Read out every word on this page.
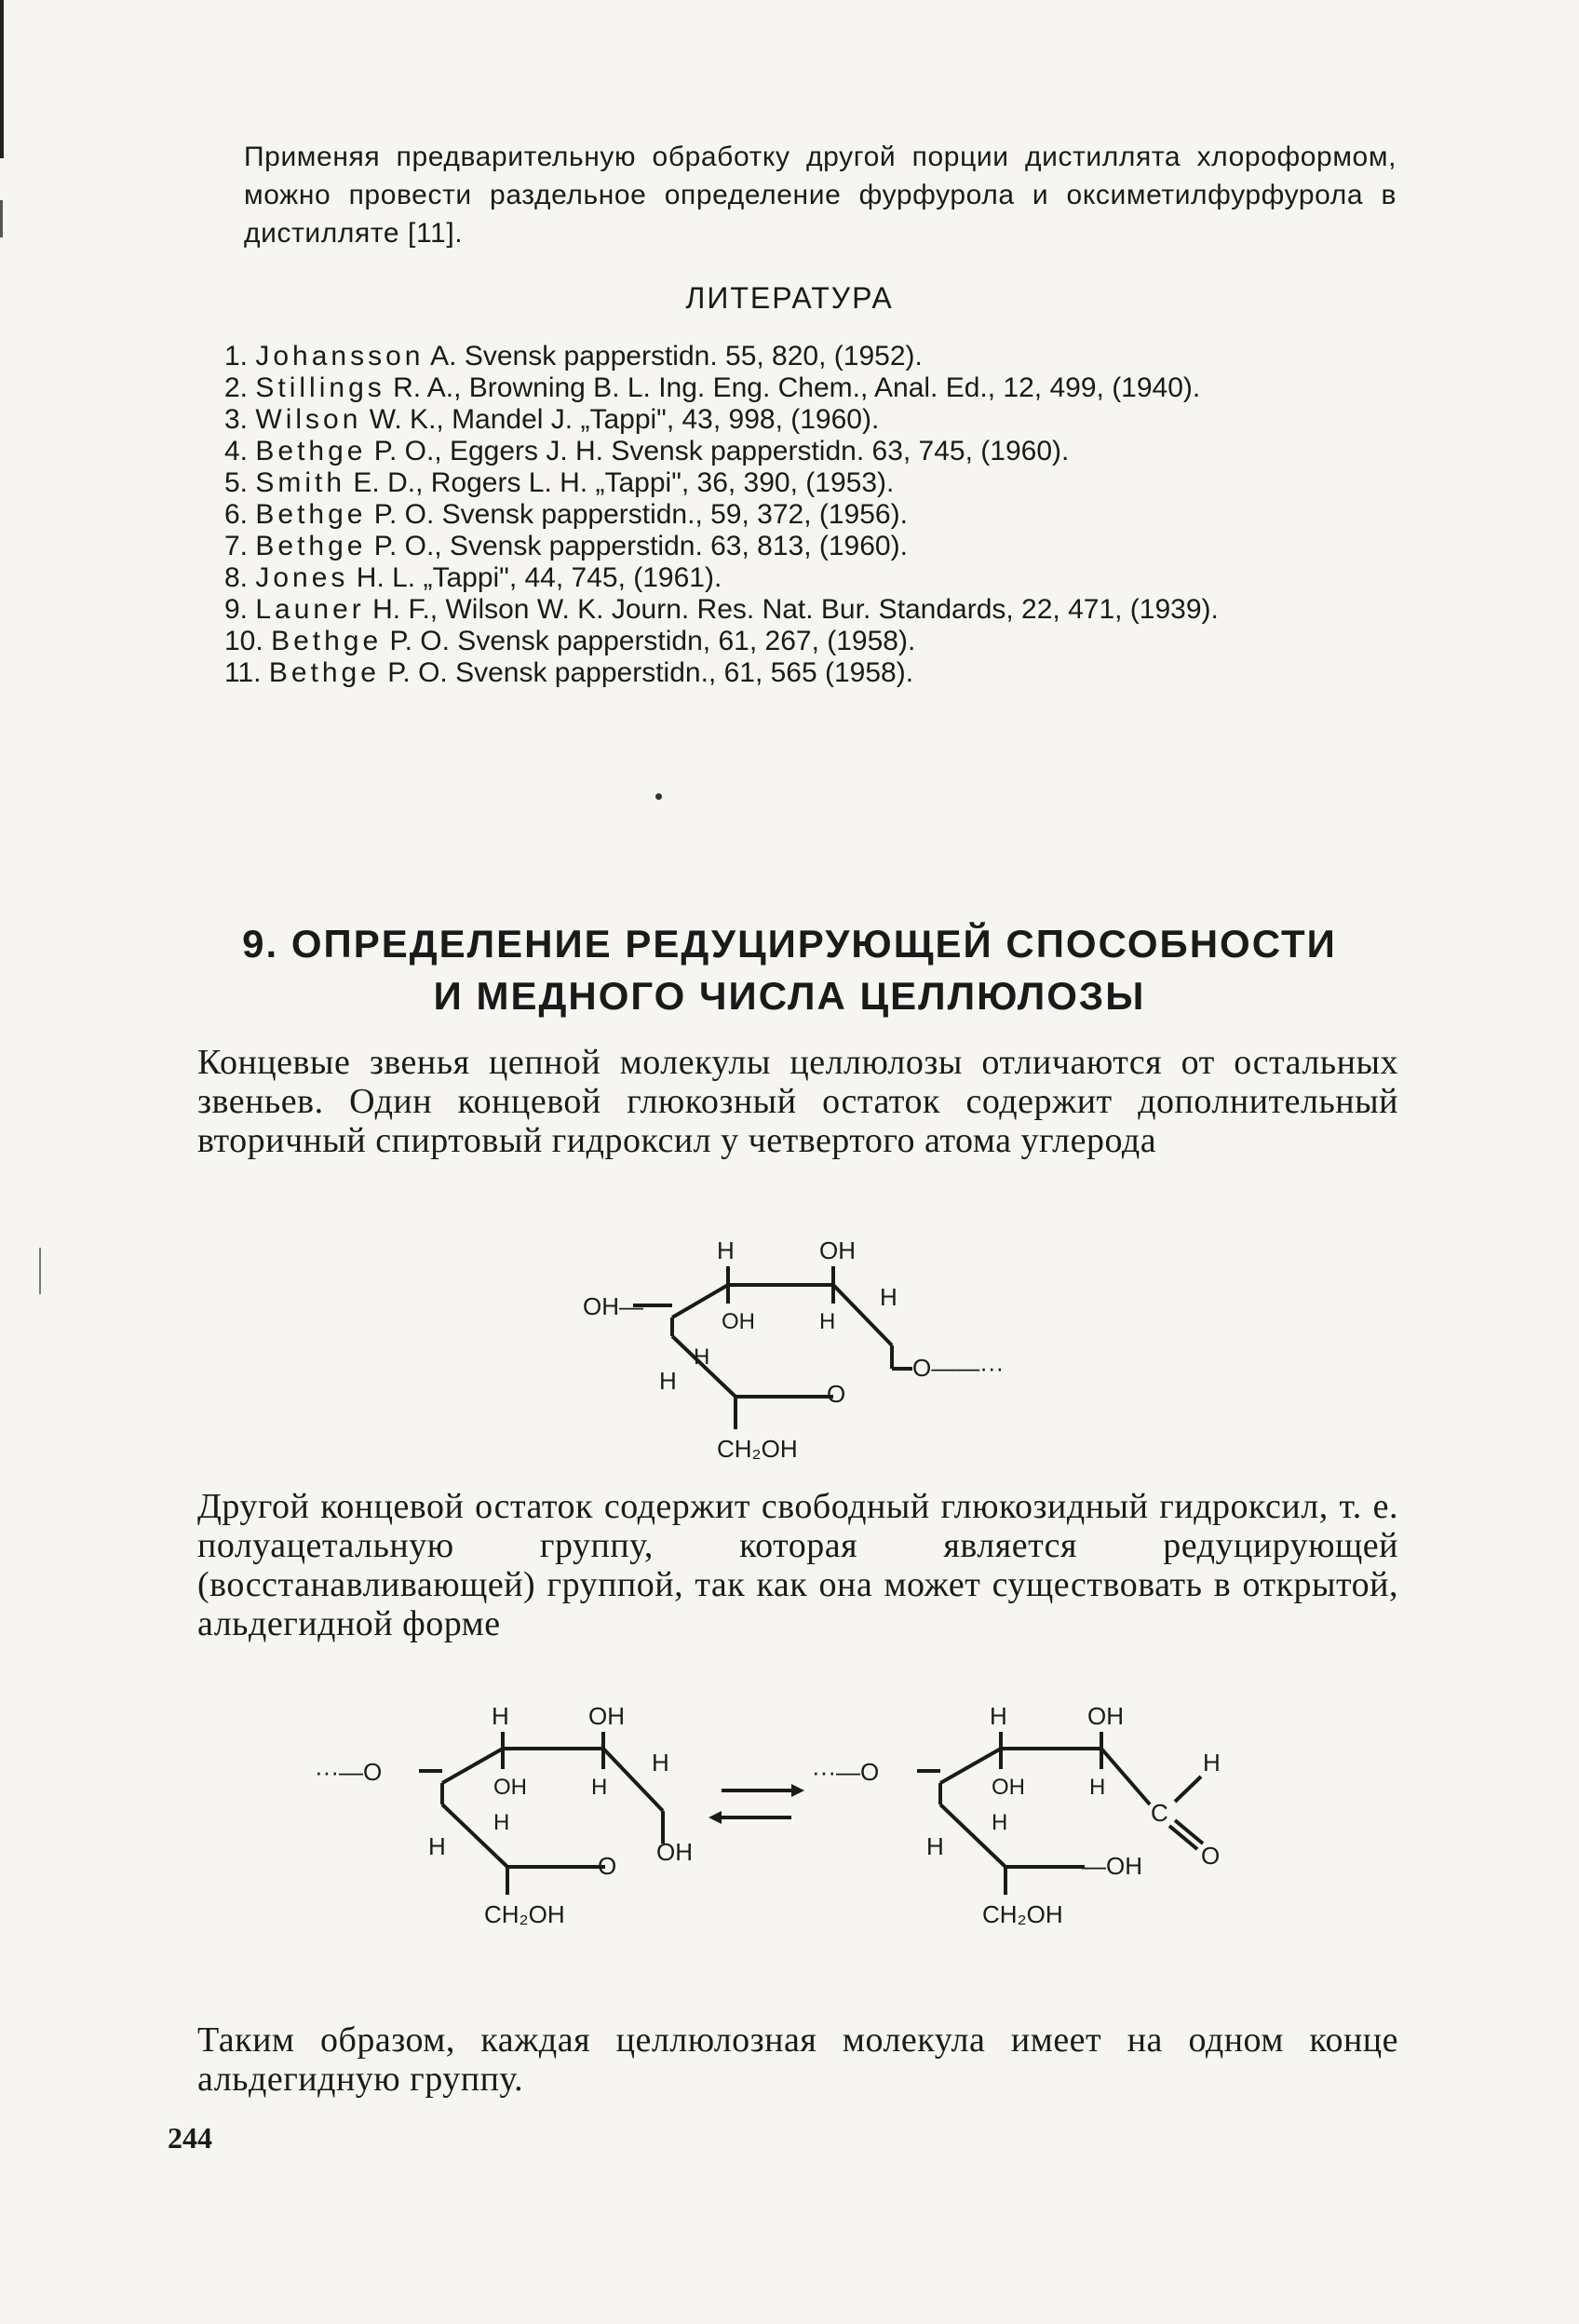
Применяя предварительную обработку другой порции дистиллята хлороформом, можно провести раздельное определение фурфурола и оксиметилфурфурола в дистилляте [11].
ЛИТЕРАТУРА

1. Johansson A. Svensk papperstidn. 55, 820, (1952).

2. Stillings R. A., Browning B. L. Ing. Eng. Chem., Anal. Ed., 12, 499, (1940).

3. Wilson W. K., Mandel J. „Tappi", 43, 998, (1960).

4. Bethge P. O., Eggers J. H. Svensk papperstidn. 63, 745, (1960).

5. Smith E. D., Rogers L. H. „Tappi", 36, 390, (1953).

6. Bethge P. O. Svensk papperstidn., 59, 372, (1956).

7. Bethge P. O., Svensk papperstidn. 63, 813, (1960).

8. Jones H. L. „Tappi", 44, 745, (1961).

9. Launer H. F., Wilson W. K. Journ. Res. Nat. Bur. Standards, 22, 471, (1939).

10. Bethge P. O. Svensk papperstidn, 61, 267, (1958).

11. Bethge P. O. Svensk papperstidn., 61, 565 (1958).

9. ОПРЕДЕЛЕНИЕ РЕДУЦИРУЮЩЕЙ СПОСОБНОСТИ
И МЕДНОГО ЧИСЛА ЦЕЛЛЮЛОЗЫ
Концевые звенья цепной молекулы целлюлозы отличаются от остальных звеньев. Один концевой глюкозный остаток содержит дополнительный вторичный спиртовый гидроксил у четвертого атома углерода
H	OH
OH—
OH	H
H
H
H	O
O——···
CH₂OH
Другой концевой остаток содержит свободный глюкозидный гидроксил, т. е. полуацетальную группу, которая является редуцирующей (восстанавливающей) группой, так как она может существовать в открытой, альдегидной форме
···—O
H	OH
OH	H
H
H
H
O OH
CH₂OH
···—O
H	OH
OH	H
H
H
C
H
O
—OH
CH₂OH
Таким образом, каждая целлюлозная молекула имеет на одном конце альдегидную группу.
244
